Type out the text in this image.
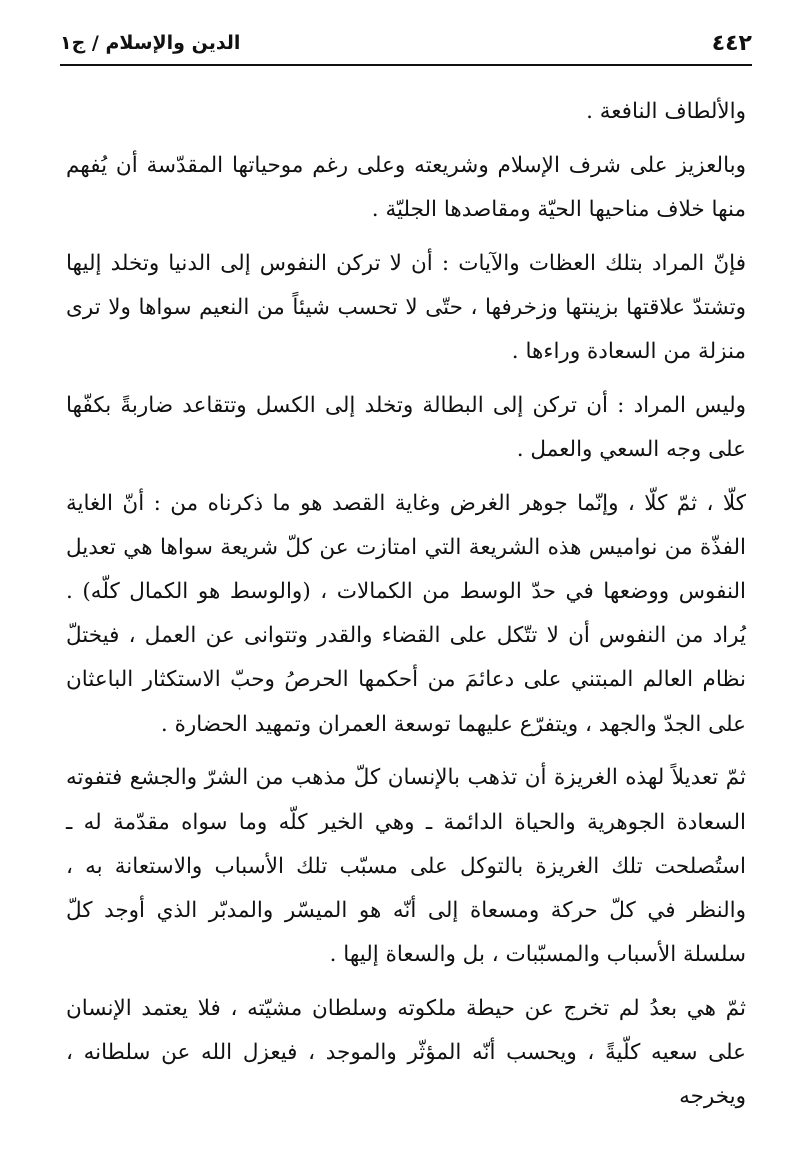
٤٤٢
الدين والإسلام / ج١

والألطاف النافعة .

وبالعزيز على شرف الإسلام وشريعته وعلى رغم موحياتها المقدّسة أن يُفهم منها خلاف مناحيها الحيّة ومقاصدها الجليّة .

فإنّ المراد بتلك العظات والآيات : أن لا تركن النفوس إلى الدنيا وتخلد إليها وتشتدّ علاقتها بزينتها وزخرفها ، حتّى لا تحسب شيئاً من النعيم سواها ولا ترى منزلة من السعادة وراءها .

وليس المراد : أن تركن إلى البطالة وتخلد إلى الكسل وتتقاعد ضاربةً بكفّها على وجه السعي والعمل .

كلّا ، ثمّ كلّا ، وإنّما جوهر الغرض وغاية القصد هو ما ذكرناه من : أنّ الغاية الفذّة من نواميس هذه الشريعة التي امتازت عن كلّ شريعة سواها هي تعديل النفوس ووضعها في حدّ الوسط من الكمالات ، (والوسط هو الكمال كلّه) . يُراد من النفوس أن لا تتّكل على القضاء والقدر وتتوانى عن العمل ، فيختلّ نظام العالم المبتني على دعائمَ من أحكمها الحرصُ وحبّ الاستكثار الباعثان على الجدّ والجهد ، ويتفرّع عليهما توسعة العمران وتمهيد الحضارة .

ثمّ تعديلاً لهذه الغريزة أن تذهب بالإنسان كلّ مذهب من الشرّ والجشع فتفوته السعادة الجوهرية والحياة الدائمة ـ وهي الخير كلّه وما سواه مقدّمة له ـ استُصلحت تلك الغريزة بالتوكل على مسبّب تلك الأسباب والاستعانة به ، والنظر في كلّ حركة ومسعاة إلى أنّه هو الميسّر والمدبّر الذي أوجد كلّ سلسلة الأسباب والمسبّبات ، بل والسعاة إليها .

ثمّ هي بعدُ لم تخرج عن حيطة ملكوته وسلطان مشيّته ، فلا يعتمد الإنسان على سعيه كلّيةً ، ويحسب أنّه المؤثّر والموجد ، فيعزل الله عن سلطانه ، ويخرجه
